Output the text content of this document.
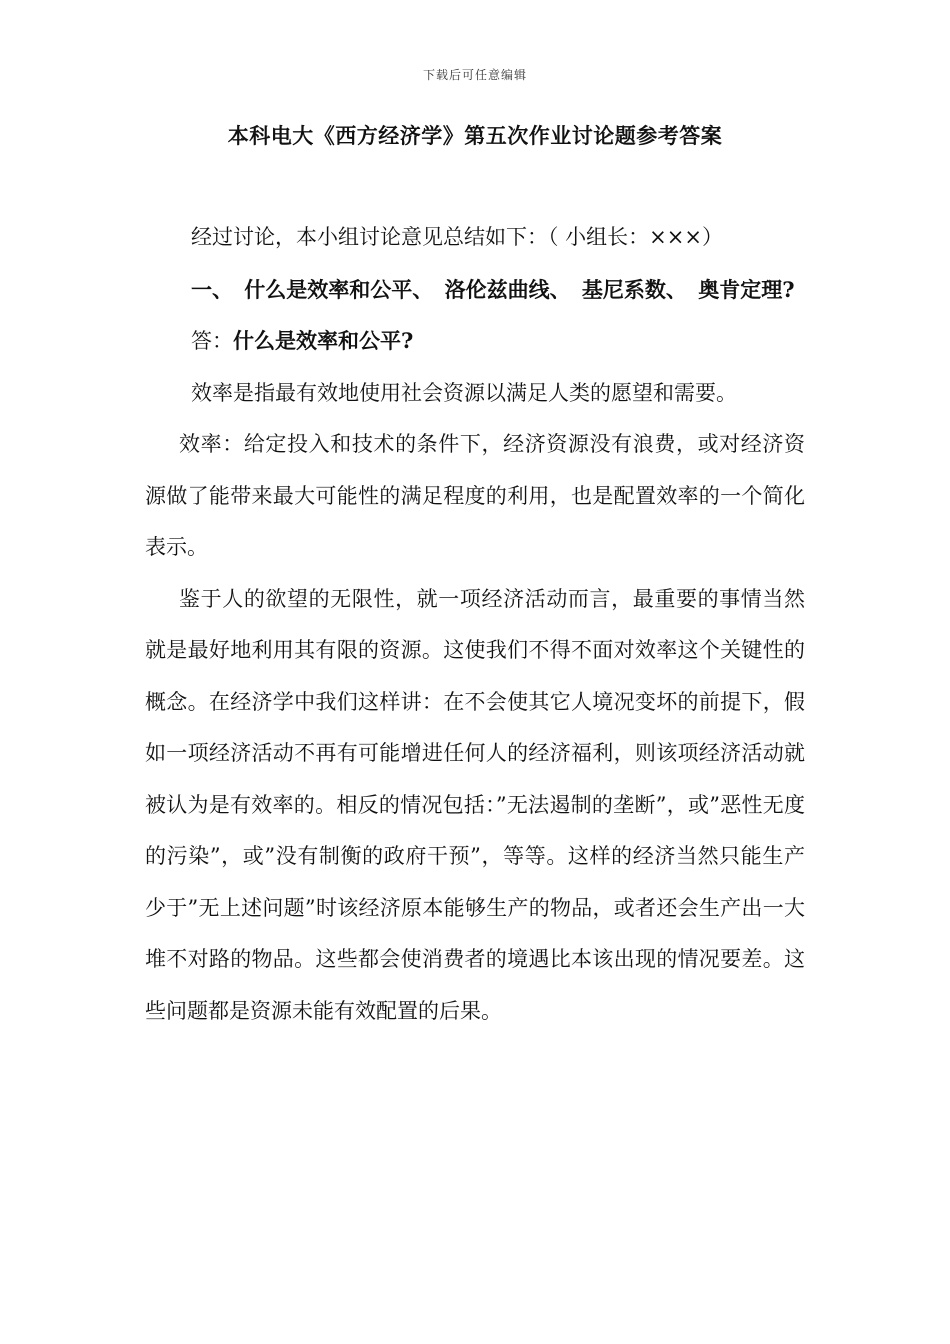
下载后可任意编辑
本科电大《西方经济学》第五次作业讨论题参考答案

经过讨论，本小组讨论意见总结如下：（ 小组长：×××）

一、 什么是效率和公平、 洛伦兹曲线、 基尼系数、 奥肯定理?

答：什么是效率和公平?

效率是指最有效地使用社会资源以满足人类的愿望和需要。

效率：给定投入和技术的条件下，经济资源没有浪费，或对经济资源做了能带来最大可能性的满足程度的利用，也是配置效率的一个简化表示。

鉴于人的欲望的无限性，就一项经济活动而言，最重要的事情当然就是最好地利用其有限的资源。这使我们不得不面对效率这个关键性的概念。在经济学中我们这样讲：在不会使其它人境况变坏的前提下，假如一项经济活动不再有可能增进任何人的经济福利，则该项经济活动就被认为是有效率的。相反的情况包括：”无法遏制的垄断”，或”恶性无度的污染”，或”没有制衡的政府干预”，等等。这样的经济当然只能生产少于”无上述问题”时该经济原本能够生产的物品，或者还会生产出一大堆不对路的物品。这些都会使消费者的境遇比本该出现的情况要差。这些问题都是资源未能有效配置的后果。
